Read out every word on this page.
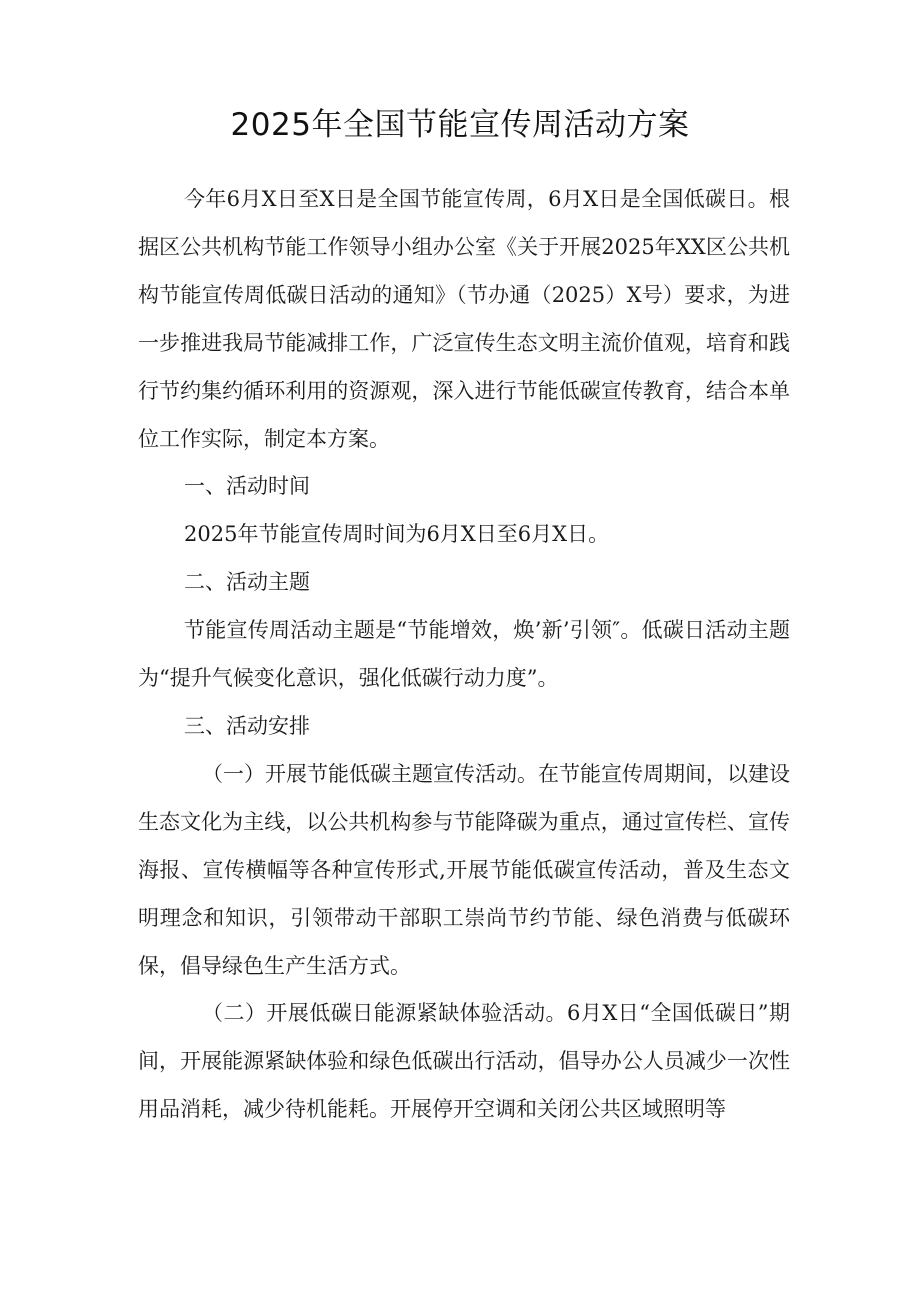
2025年全国节能宣传周活动方案

今年6月X日至X日是全国节能宣传周，6月X日是全国低碳日。根据区公共机构节能工作领导小组办公室《关于开展2025年XX区公共机构节能宣传周低碳日活动的通知》（节办通（2025）X号）要求，为进一步推进我局节能减排工作，广泛宣传生态文明主流价值观，培育和践行节约集约循环利用的资源观，深入进行节能低碳宣传教育，结合本单位工作实际，制定本方案。

一、活动时间

2025年节能宣传周时间为6月X日至6月X日。

二、活动主题

节能宣传周活动主题是“节能增效，焕’新’引领″。低碳日活动主题为“提升气候变化意识，强化低碳行动力度”。

三、活动安排

（一）开展节能低碳主题宣传活动。在节能宣传周期间，以建设生态文化为主线，以公共机构参与节能降碳为重点，通过宣传栏、宣传海报、宣传横幅等各种宣传形式,开展节能低碳宣传活动，普及生态文明理念和知识，引领带动干部职工崇尚节约节能、绿色消费与低碳环保，倡导绿色生产生活方式。

（二）开展低碳日能源紧缺体验活动。6月X日“全国低碳日”期间，开展能源紧缺体验和绿色低碳出行活动，倡导办公人员减少一次性用品消耗，减少待机能耗。开展停开空调和关闭公共区域照明等
